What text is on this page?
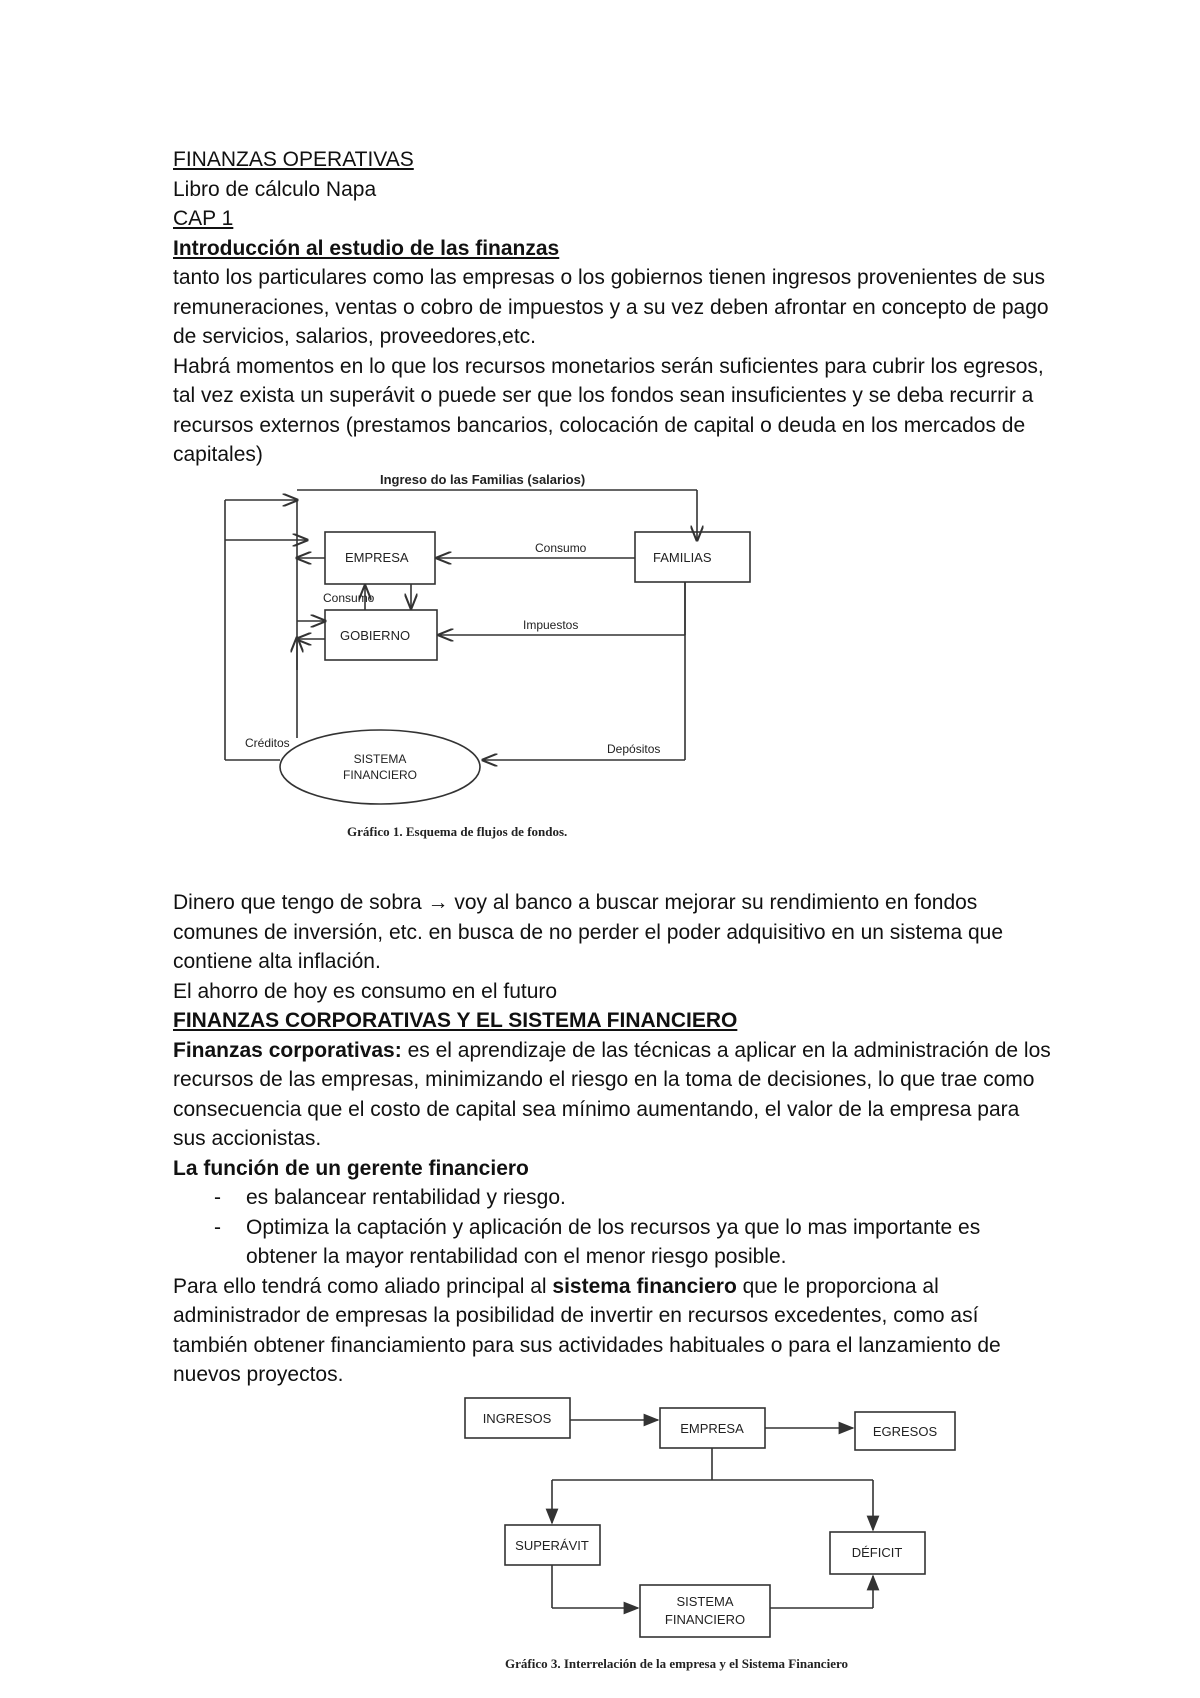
FINANZAS OPERATIVAS

Libro de cálculo Napa

CAP 1

Introducción al estudio de las finanzas

tanto los particulares como las empresas o los gobiernos tienen ingresos provenientes de sus remuneraciones, ventas o cobro de impuestos y a su vez deben afrontar en concepto de pago de servicios, salarios, proveedores,etc.

Habrá momentos en lo que los recursos monetarios serán suficientes para cubrir los egresos, tal vez exista un superávit o puede ser que los fondos sean insuficientes y se deba recurrir a recursos externos (prestamos bancarios, colocación de capital o deuda en los mercados de capitales)

Ingreso do las Familias (salarios)
EMPRESA	FAMILIAS
GOBIERNO
Consumo
Consumo
Impuestos
Créditos	Depósitos
SISTEMA
FINANCIERO
Gráfico 1. Esquema de flujos de fondos.

Dinero que tengo de sobra → voy al banco a buscar mejorar su rendimiento en fondos comunes de inversión, etc. en busca de no perder el poder adquisitivo en un sistema que contiene alta inflación.

El ahorro de hoy es consumo en el futuro

FINANZAS CORPORATIVAS Y EL SISTEMA FINANCIERO

Finanzas corporativas: es el aprendizaje de las técnicas a aplicar en la administración de los recursos de las empresas, minimizando el riesgo en la toma de decisiones, lo que trae como consecuencia que el costo de capital sea mínimo aumentando, el valor de la empresa para sus accionistas.

La función de un gerente financiero

- es balancear rentabilidad y riesgo.

- Optimiza la captación y aplicación de los recursos ya que lo mas importante es obtener la mayor rentabilidad con el menor riesgo posible.

Para ello tendrá como aliado principal al sistema financiero que le proporciona al administrador de empresas la posibilidad de invertir en recursos excedentes, como así también obtener financiamiento para sus actividades habituales o para el lanzamiento de nuevos proyectos.

INGRESOS
EMPRESA	EGRESOS
SUPERÁVIT	DÉFICIT
SISTEMA
FINANCIERO
Gráfico 3. Interrelación de la empresa y el Sistema Financiero
